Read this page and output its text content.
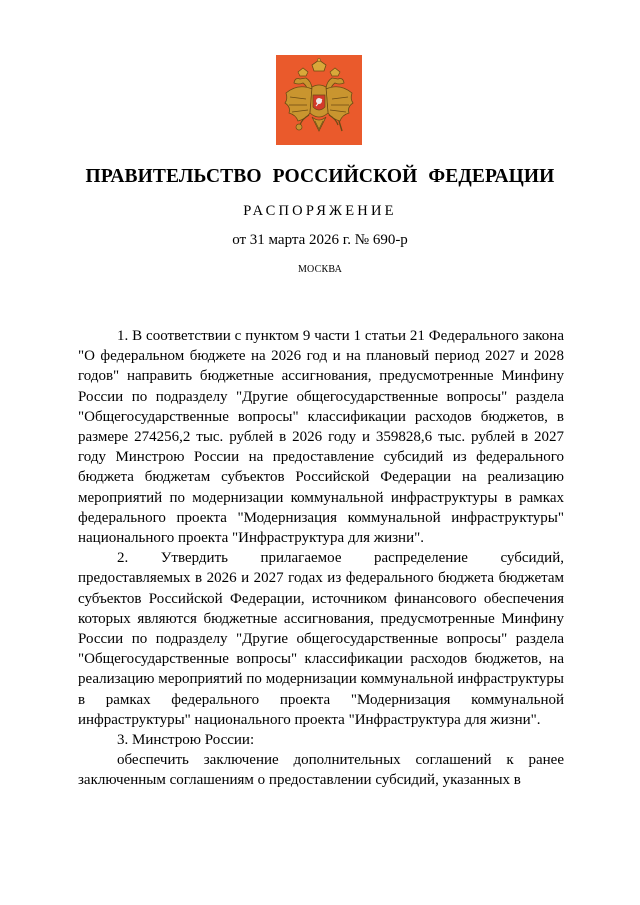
ПРАВИТЕЛЬСТВО РОССИЙСКОЙ ФЕДЕРАЦИИ
РАСПОРЯЖЕНИЕ
от 31 марта 2026 г. № 690-р
МОСКВА

1. В соответствии с пунктом 9 части 1 статьи 21 Федерального закона "О федеральном бюджете на 2026 год и на плановый период 2027 и 2028 годов" направить бюджетные ассигнования, предусмотренные Минфину России по подразделу "Другие общегосударственные вопросы" раздела "Общегосударственные вопросы" классификации расходов бюджетов, в размере 274256,2 тыс. рублей в 2026 году и 359828,6 тыс. рублей в 2027 году Минстрою России на предоставление субсидий из федерального бюджета бюджетам субъектов Российской Федерации на реализацию мероприятий по модернизации коммунальной инфраструктуры в рамках федерального проекта "Модернизация коммунальной инфраструктуры" национального проекта "Инфраструктура для жизни".

2. Утвердить прилагаемое распределение субсидий, предоставляемых в 2026 и 2027 годах из федерального бюджета бюджетам субъектов Российской Федерации, источником финансового обеспечения которых являются бюджетные ассигнования, предусмотренные Минфину России по подразделу "Другие общегосударственные вопросы" раздела "Общегосударственные вопросы" классификации расходов бюджетов, на реализацию мероприятий по модернизации коммунальной инфраструктуры в рамках федерального проекта "Модернизация коммунальной инфраструктуры" национального проекта "Инфраструктура для жизни".

3. Минстрою России:

обеспечить заключение дополнительных соглашений к ранее заключенным соглашениям о предоставлении субсидий, указанных в
